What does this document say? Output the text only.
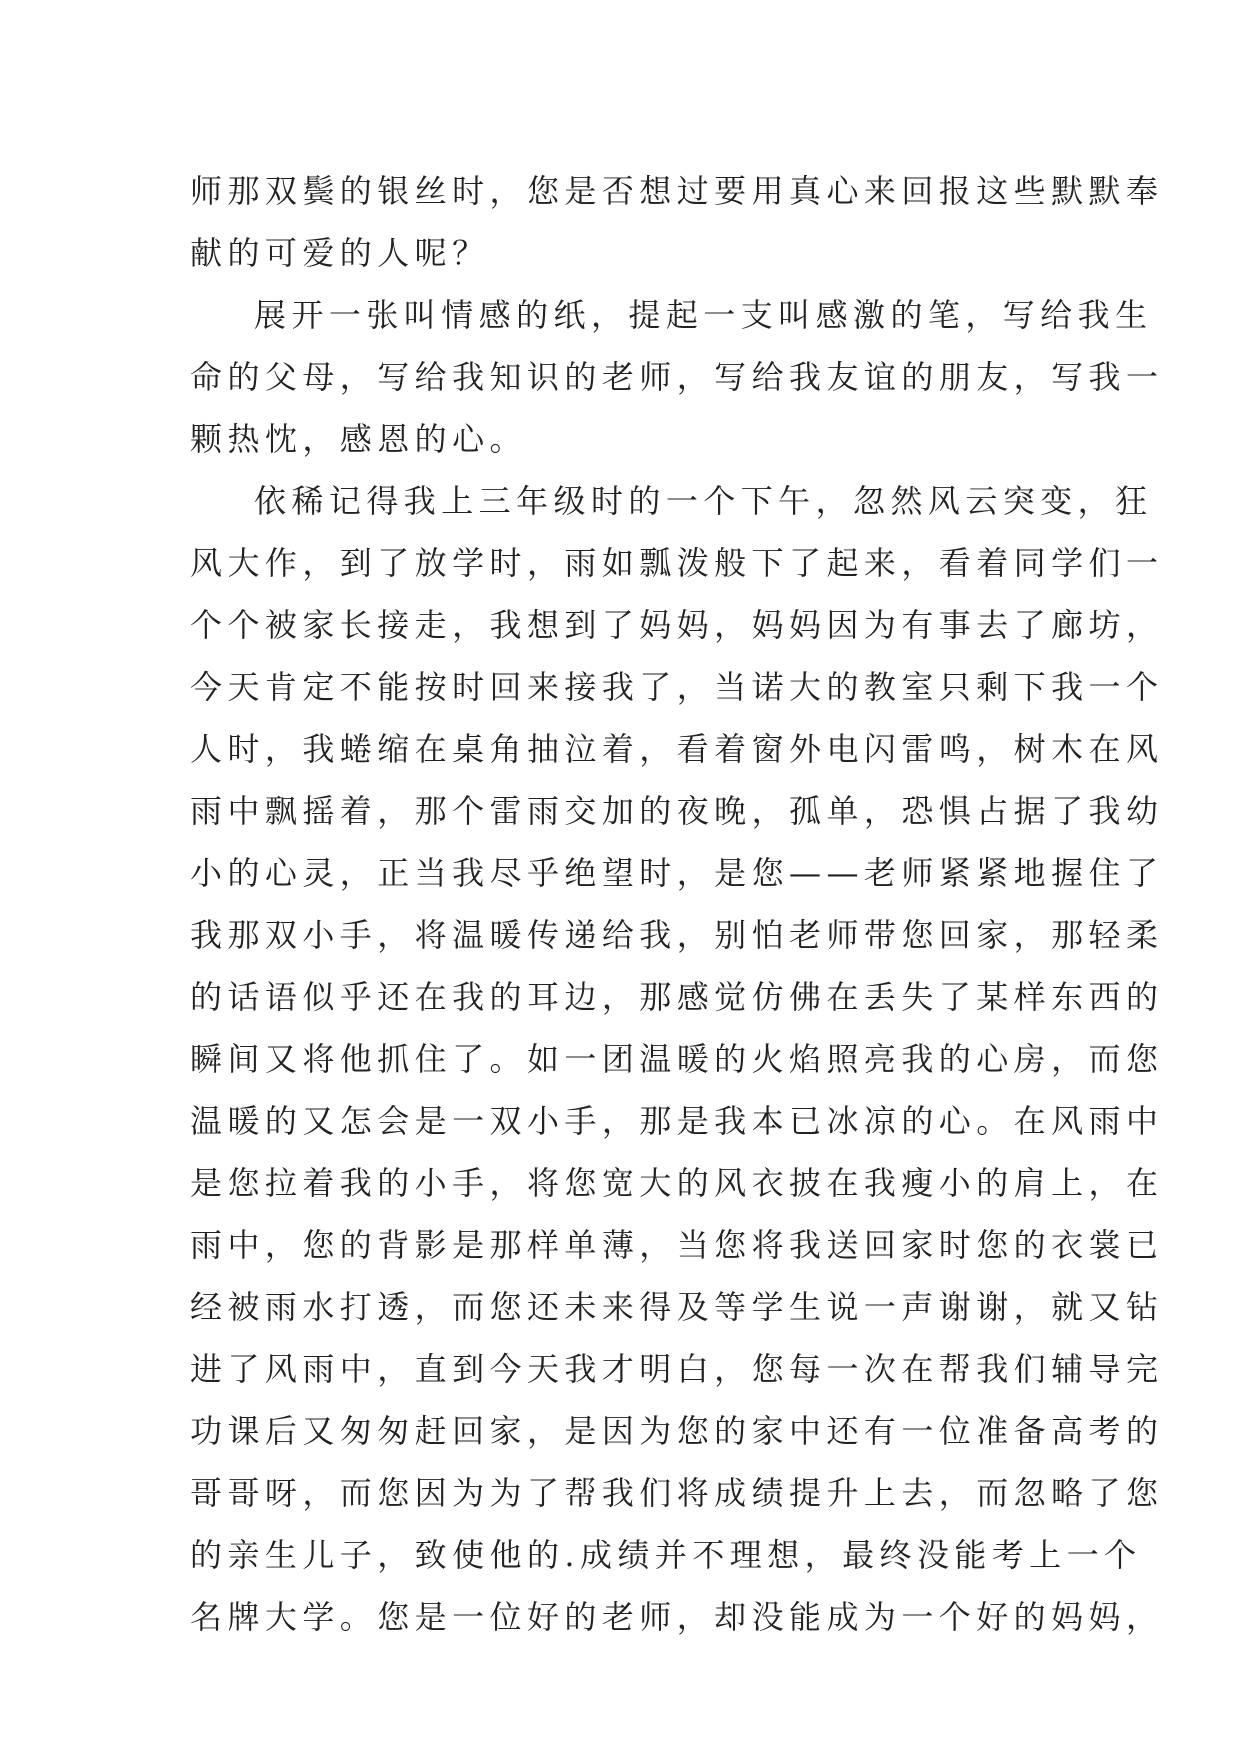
师那双鬓的银丝时，您是否想过要用真心来回报这些默默奉
献的可爱的人呢？
展开一张叫情感的纸，提起一支叫感激的笔，写给我生
命的父母，写给我知识的老师，写给我友谊的朋友，写我一
颗热忱，感恩的心。
依稀记得我上三年级时的一个下午，忽然风云突变，狂
风大作，到了放学时，雨如瓢泼般下了起来，看着同学们一
个个被家长接走，我想到了妈妈，妈妈因为有事去了廊坊，
今天肯定不能按时回来接我了，当诺大的教室只剩下我一个
人时，我蜷缩在桌角抽泣着，看着窗外电闪雷鸣，树木在风
雨中飘摇着，那个雷雨交加的夜晚，孤单，恐惧占据了我幼
小的心灵，正当我尽乎绝望时，是您——老师紧紧地握住了
我那双小手，将温暖传递给我，别怕老师带您回家，那轻柔
的话语似乎还在我的耳边，那感觉仿佛在丢失了某样东西的
瞬间又将他抓住了。如一团温暖的火焰照亮我的心房，而您
温暖的又怎会是一双小手，那是我本已冰凉的心。在风雨中
是您拉着我的小手，将您宽大的风衣披在我瘦小的肩上，在
雨中，您的背影是那样单薄，当您将我送回家时您的衣裳已
经被雨水打透，而您还未来得及等学生说一声谢谢，就又钻
进了风雨中，直到今天我才明白，您每一次在帮我们辅导完
功课后又匆匆赶回家，是因为您的家中还有一位准备高考的
哥哥呀，而您因为为了帮我们将成绩提升上去，而忽略了您
的亲生儿子，致使他的.成绩并不理想，最终没能考上一个
名牌大学。您是一位好的老师，却没能成为一个好的妈妈，
